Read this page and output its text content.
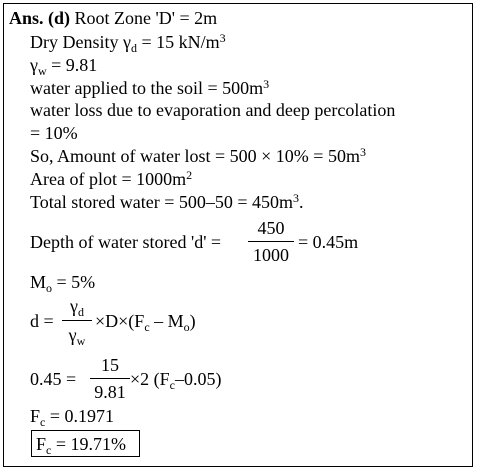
Ans. (d) Root Zone 'D' = 2m
Dry Density $\gamma_d = 15$ $kN/m^3$
$\gamma_w = 9.81$
water applied to the soil = $500m^3$
water loss due to evaporation and deep percolation
= 10%
So, Amount of water lost = $500 \times 10\% = 50m^3$
Area of plot = $1000m^2$
Total stored water = $500-50 = 450m^3$.
Depth of water stored 'd' =
450
1000
= 0.45m
$M_o = 5\%$
d =
$\gamma_d$
$\gamma_w$
$\times D\times(F_c - M_o)$
0.45 =
15
9.81
×2 $(F_c-0.05)$
$F_c = 0.1971$
$F_c = 19.71\%$
